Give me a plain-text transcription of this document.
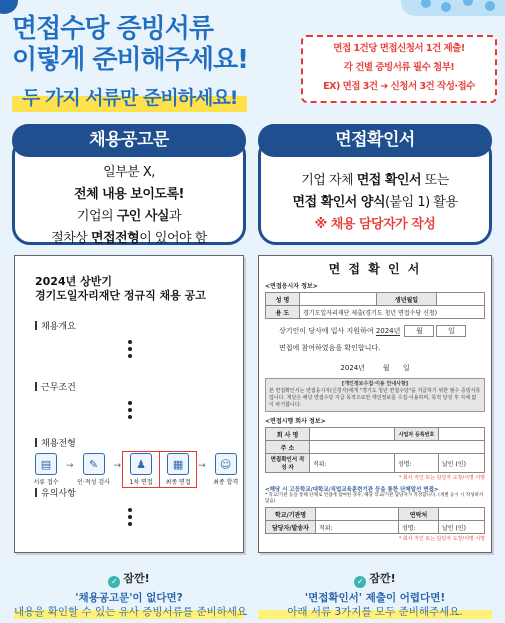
면접수당 증빙서류
이렇게 준비해주세요!
두 가지 서류만 준비하세요!
면접 1건당 면접신청서 1건 제출!
각 건별 증빙서류 필수 첨부!
EX) 면접 3건 ➜ 신청서 3건 작성·접수
채용공고문
일부분 X,
전체 내용 보이도록!
기업의 구인 사실과
절차상 면접전형이 있어야 함
면접확인서
기업 자체 면접 확인서 또는
면접 확인서 양식(붙임 1) 활용
※ 채용 담당자가 작성
2024년 상반기
경기도일자리재단 정규직 채용 공고
채용개요
근무조건
채용전형
▤
서류 접수
→	✎
인·적성 검사
→	♟
1차 면접
▦
최종 면접
→	☺
최종 합격
유의사항
면 접 확 인 서
<면접응시자 정보>
성 명		생년월일	
용 도	경기도일자리재단 제출(경기도 청년 면접수당 신청)		
상기인이 당사에 입사 지원하여 2024년 월	일
면접에 참여하였음을 확인합니다.
2024년        월      일
[개인정보수집·이용 안내사항]
본 면접확인서는 면접응시자(신청자)에게 "경기도 청년 면접수당"을 지급하기 위한 필수 증빙서류입니다. 재단은 해당 면접수당 지급 목적으로만 개인정보를 수집·이용하며, 목적 달성 후 지체 없이 파기합니다.
<면접시행 회사 정보>
회 사 명		사업자 등록번호	
주 소			
면접확인서 작 성 자	직위:	성명:	날인 (인)
* 회사 직인 또는 담당자 도장/서명 서명
<해당 시 고등학교/대학교/직업교육훈련기관 등을 통한 단체알선 면접>
* 학교/기관 등을 통해 단체로 면접에 참여한 경우, 해당 학교/기관 담당자가 작성합니다. (개별 응시 시 작성하지 않음)
학교/기관명		연락처	
담당자/발송자	직위:	성명:	날인 (인)
* 회사 직인 또는 담당자 도장/서명 서명
✓ 잠깐!
'채용공고문'이 없다면?
내용을 확인할 수 있는 유사 증빙서류를 준비하세요
✓ 잠깐!
'면접확인서' 제출이 어렵다면!
아래 서류 3가지를 모두 준비해주세요.
